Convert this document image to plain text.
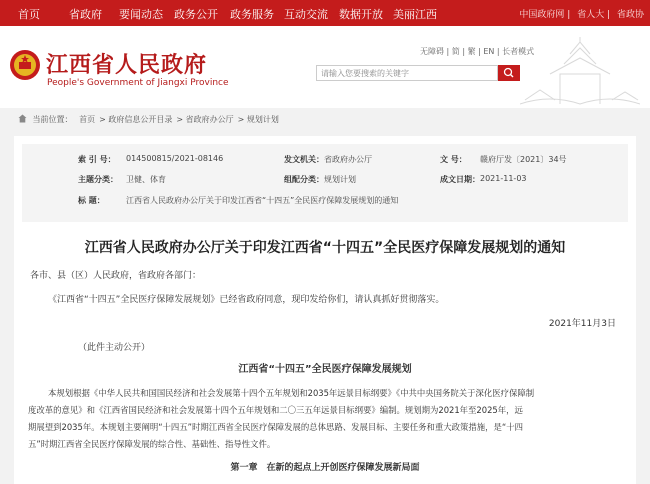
首页	省政府 要闻动态 政务公开 政务服务 互动交流 数据开放 美丽江西	中国政府网 | 省人大 | 省政协
江西省人民政府
People's Government of Jiangxi Province
无障碍 | 简 | 繁 | EN | 长者模式
请输入您要搜索的关键字
当前位置： 首页 > 政府信息公开目录 > 省政府办公厅 > 规划计划
索 引 号： 014500815/2021-08146	发文机关： 省政府办公厅	文 号： 赣府厅发〔2021〕34号
主题分类： 卫健、体育	组配分类： 规划计划	成文日期： 2021-11-03
标 题：	江西省人民政府办公厅关于印发江西省“十四五”全民医疗保障发展规划的通知
江西省人民政府办公厅关于印发江西省“十四五”全民医疗保障发展规划的通知
各市、县（区）人民政府，省政府各部门：
《江西省“十四五”全民医疗保障发展规划》已经省政府同意，现印发给你们，请认真抓好贯彻落实。
2021年11月3日
（此件主动公开）
江西省“十四五”全民医疗保障发展规划
本规划根据《中华人民共和国国民经济和社会发展第十四个五年规划和2035年远景目标纲要》《中共中央国务院关于深化医疗保障制
度改革的意见》和《江西省国民经济和社会发展第十四个五年规划和二〇三五年远景目标纲要》编制。规划期为2021年至2025年，远
期展望到2035年。本规划主要阐明“十四五”时期江西省全民医疗保障发展的总体思路、发展目标、主要任务和重大政策措施，是“十四
五”时期江西省全民医疗保障发展的综合性、基础性、指导性文件。
第一章　在新的起点上开创医疗保障发展新局面
